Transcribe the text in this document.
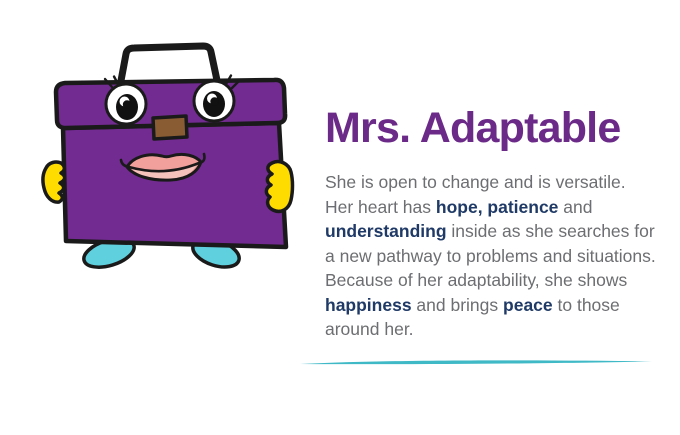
Mrs. Adaptable
She is open to change and is versatile.
Her heart has hope, patience and
understanding inside as she searches for
a new pathway to problems and situations.
Because of her adaptability, she shows
happiness and brings peace to those
around her.
